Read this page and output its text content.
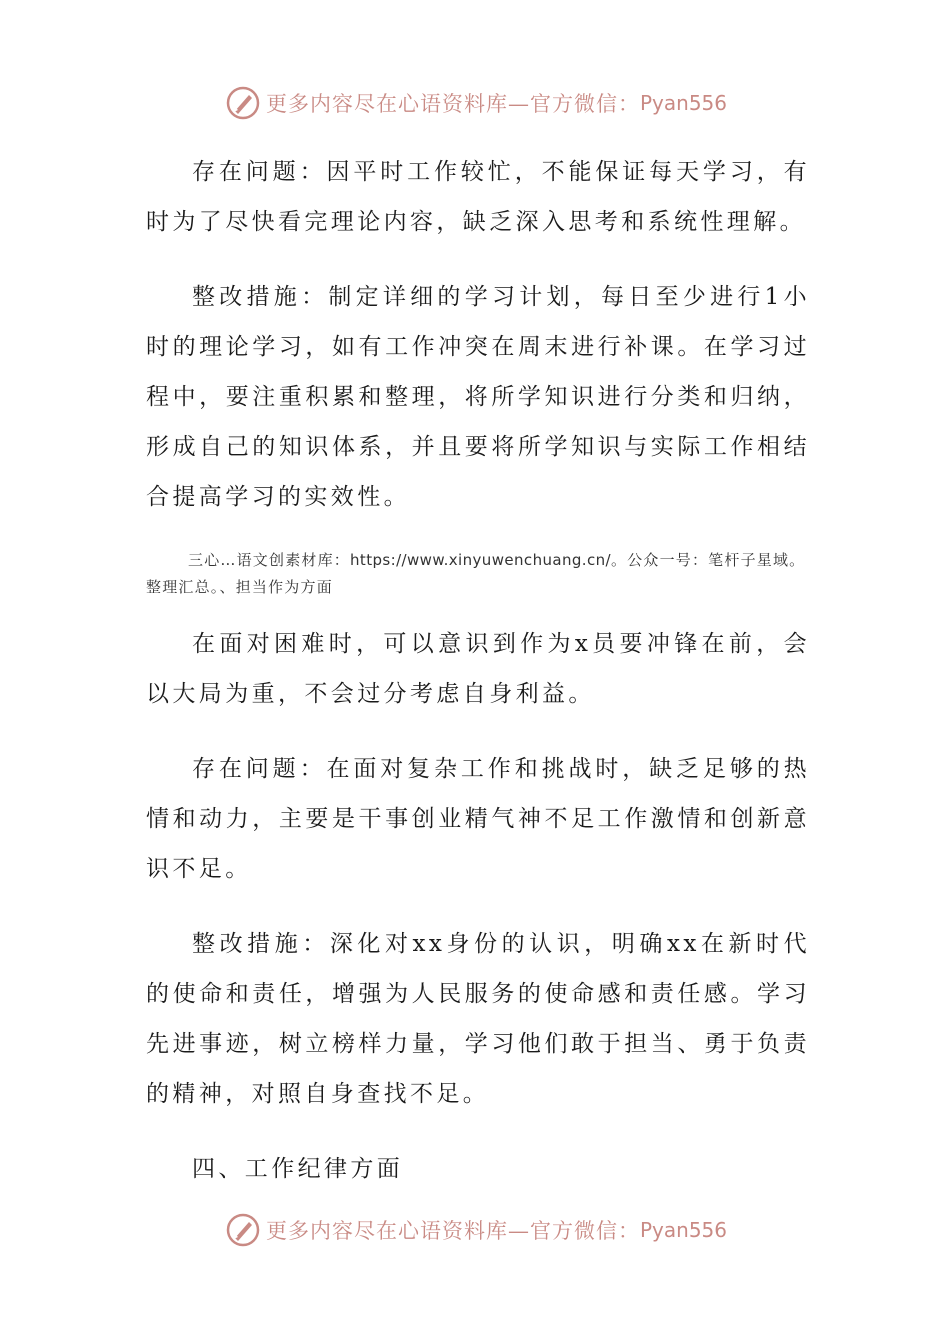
更多内容尽在心语资料库—官方微信： Pyan556

存在问题：因平时工作较忙，不能保证每天学习，有时为了尽快看完理论内容，缺乏深入思考和系统性理解。

整改措施：制定详细的学习计划，每日至少进行1小时的理论学习，如有工作冲突在周末进行补课。在学习过程中，要注重积累和整理，将所学知识进行分类和归纳，形成自己的知识体系，并且要将所学知识与实际工作相结合提高学习的实效性。

三心…语文创素材库：https://www.xinyuwenchuang.cn/。公众一号：笔杆子星域。整理汇总。、担当作为方面

在面对困难时，可以意识到作为x员要冲锋在前，会以大局为重，不会过分考虑自身利益。

存在问题：在面对复杂工作和挑战时，缺乏足够的热情和动力，主要是干事创业精气神不足工作激情和创新意识不足。

整改措施：深化对xx身份的认识，明确xx在新时代的使命和责任，增强为人民服务的使命感和责任感。学习先进事迹，树立榜样力量，学习他们敢于担当、勇于负责的精神，对照自身查找不足。

四、工作纪律方面

更多内容尽在心语资料库—官方微信： Pyan556
